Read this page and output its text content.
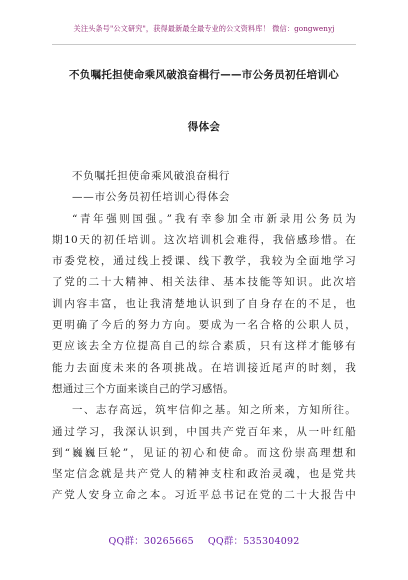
关注头条号"公文研究"，获得最新最全最专业的公文资料库！ 微信：gongwenyj
不负嘱托担使命乘风破浪奋楫行——市公务员初任培训心
得体会
不负嘱托担使命乘风破浪奋楫行
——市公务员初任培训心得体会
“青年强则国强。”我有幸参加全市新录用公务员为
期10天的初任培训。这次培训机会难得，我倍感珍惜。在
市委党校，通过线上授课、线下教学，我较为全面地学习
了党的二十大精神、相关法律、基本技能等知识。此次培
训内容丰富，也让我清楚地认识到了自身存在的不足，也
更明确了今后的努力方向。要成为一名合格的公职人员，
更应该去全方位提高自己的综合素质，只有这样才能够有
能力去面度未来的各项挑战。在培训接近尾声的时刻，我
想通过三个方面来谈自己的学习感悟。
一、志存高远，筑牢信仰之基。知之所来，方知所往。
通过学习，我深认识到，中国共产党百年来，从一叶红船
到“巍巍巨轮”，见证的初心和使命。而这份崇高理想和
坚定信念就是共产党人的精神支柱和政治灵魂，也是党共
产党人安身立命之本。习近平总书记在党的二十大报告中
QQ群：30265665 QQ群：535304092
